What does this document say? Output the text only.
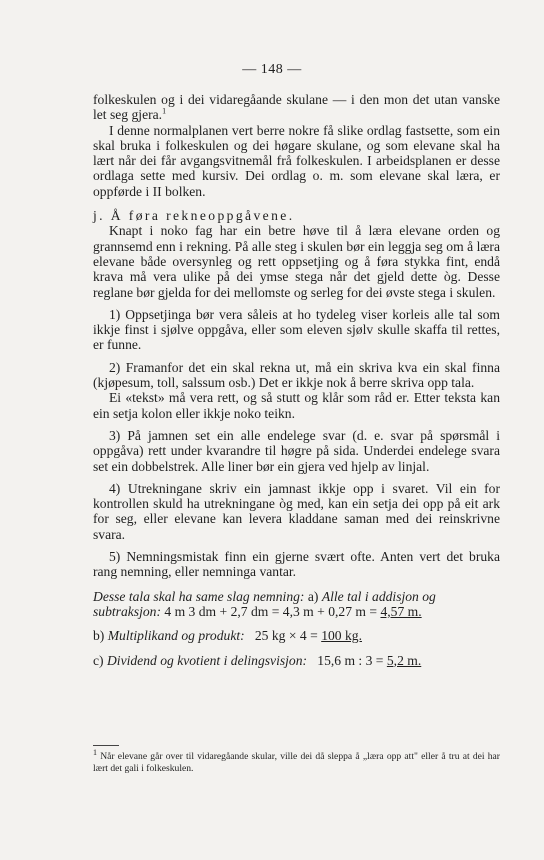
— 148 —

folkeskulen og i dei vidaregåande skulane — i den mon det utan vanske let seg gjera.$^1$

I denne normalplanen vert berre nokre få slike ordlag fastsette, som ein skal bruka i folkeskulen og dei høgare skulane, og som elevane skal ha lært når dei får avgangsvitnemål frå folkeskulen. I arbeidsplanen er desse ordlaga sette med kursiv. Dei ordlag o. m. som elevane skal læra, er oppførde i II bolken.

j. Å føra rekneoppgåvene.

Knapt i noko fag har ein betre høve til å læra elevane orden og grannsemd enn i rekning. På alle steg i skulen bør ein leggja seg om å læra elevane både oversynleg og rett oppsetjing og å føra stykka fint, endå krava må vera ulike på dei ymse stega når det gjeld dette òg. Desse reglane bør gjelda for dei mellomste og serleg for dei øvste stega i skulen.

1) Oppsetjinga bør vera såleis at ho tydeleg viser korleis alle tal som ikkje finst i sjølve oppgåva, eller som eleven sjølv skulle skaffa til rettes, er funne.

2) Framanfor det ein skal rekna ut, må ein skriva kva ein skal finna (kjøpesum, toll, salssum osb.) Det er ikkje nok å berre skriva opp tala.

Ei «tekst» må vera rett, og så stutt og klår som råd er. Etter teksta kan ein setja kolon eller ikkje noko teikn.

3) På jamnen set ein alle endelege svar (d. e. svar på spørsmål i oppgåva) rett under kvarandre til høgre på sida. Underdei endelege svara set ein dobbelstrek. Alle liner bør ein gjera ved hjelp av linjal.

4) Utrekningane skriv ein jamnast ikkje opp i svaret. Vil ein for kontrollen skuld ha utrekningane òg med, kan ein setja dei opp på eit ark for seg, eller elevane kan levera kladdane saman med dei reinskrivne svara.

5) Nemningsmistak finn ein gjerne svært ofte. Anten vert det bruka rang nemning, eller nemninga vantar.

Desse tala skal ha same slag nemning: a) Alle tal i addisjon og subtraksjon: 4 m 3 dm + 2,7 dm = 4,3 m + 0,27 m = 4,57 m.

b) Multiplikand og produkt: 25 kg × 4 = 100 kg.

c) Dividend og kvotient i delingsvisjon: 15,6 m : 3 = 5,2 m.

$^1$ Når elevane går over til vidaregåande skular, ville dei då sleppa å „læra opp att" eller å tru at dei har lært det gali i folkeskulen.
